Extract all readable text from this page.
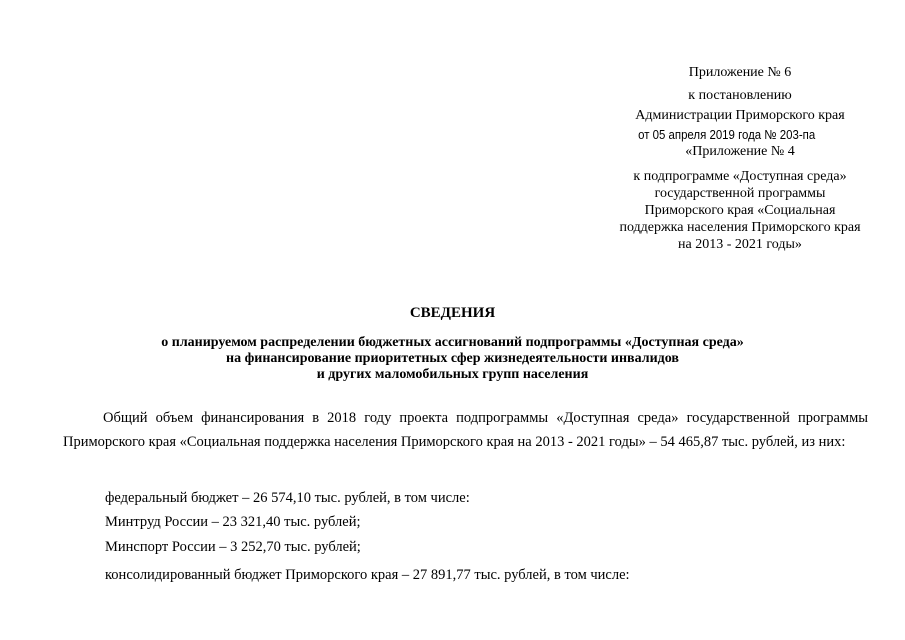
Приложение № 6
к постановлению
Администрации Приморского края
от 05 апреля 2019 года № 203-па
«Приложение № 4
к подпрограмме «Доступная среда»
государственной программы
Приморского края «Социальная
поддержка населения Приморского края
на 2013 - 2021 годы»
СВЕДЕНИЯ
о планируемом распределении бюджетных ассигнований подпрограммы «Доступная среда»
на финансирование приоритетных сфер жизнедеятельности инвалидов
и других маломобильных групп населения
Общий объем финансирования в 2018 году проекта подпрограммы «Доступная среда» государственной программы Приморского края «Социальная поддержка населения Приморского края на 2013 - 2021 годы» – 54 465,87 тыс. рублей, из них:
федеральный бюджет – 26 574,10 тыс. рублей, в том числе:
Минтруд России – 23 321,40 тыс. рублей;
Минспорт России – 3 252,70 тыс. рублей;
консолидированный бюджет Приморского края – 27 891,77 тыс. рублей, в том числе:
